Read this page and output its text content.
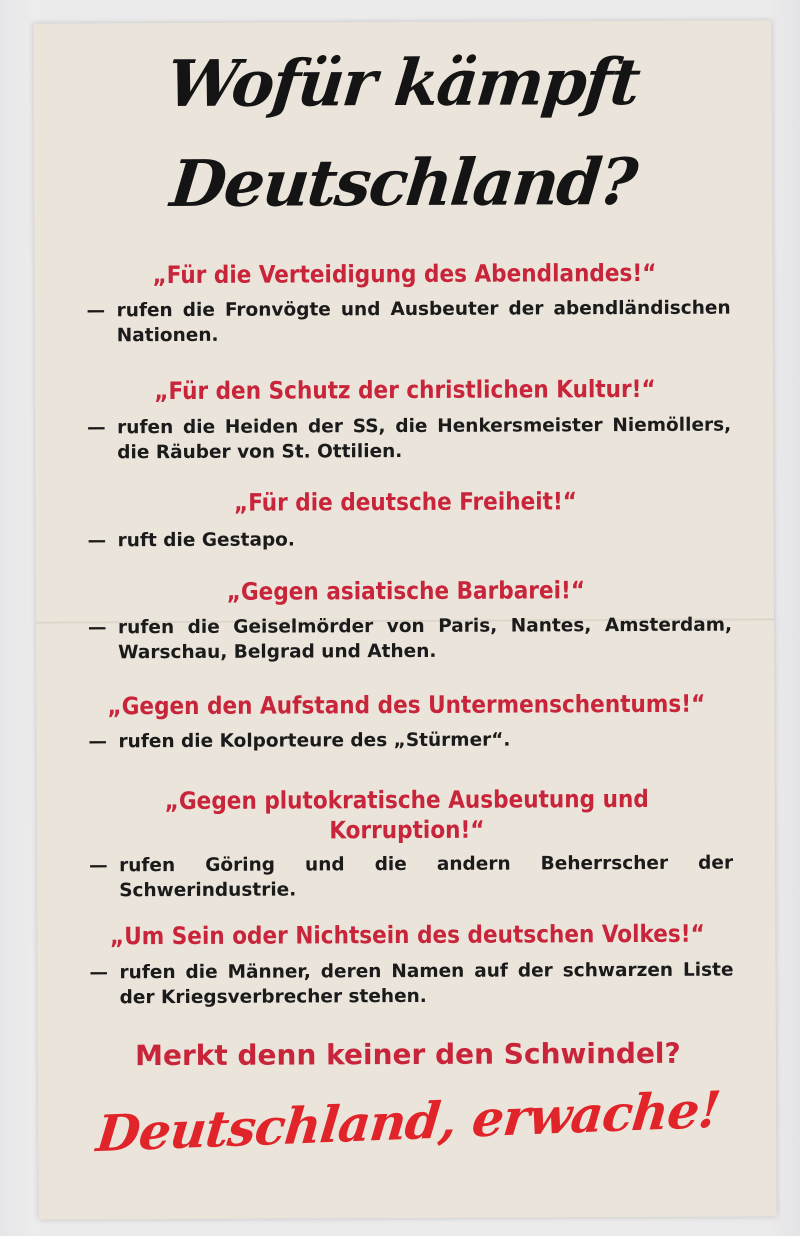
Wofür kämpft
Deutschland?
„Für die Verteidigung des Abendlandes!“
— rufen die Fronvögte und Ausbeuter der abendländischen Nationen.
„Für den Schutz der christlichen Kultur!“
— rufen die Heiden der SS, die Henkersmeister Niemöllers, die Räuber von St. Ottilien.
„Für die deutsche Freiheit!“
— ruft die Gestapo.
„Gegen asiatische Barbarei!“
— rufen die Geiselmörder von Paris, Nantes, Amsterdam, Warschau, Belgrad und Athen.
„Gegen den Aufstand des Untermenschentums!“
— rufen die Kolporteure des „Stürmer“.
„Gegen plutokratische Ausbeutung und Korruption!“
— rufen Göring und die andern Beherrscher der Schwerindustrie.
„Um Sein oder Nichtsein des deutschen Volkes!“
— rufen die Männer, deren Namen auf der schwarzen Liste der Kriegsverbrecher stehen.
Merkt denn keiner den Schwindel?
Deutschland, erwache!
